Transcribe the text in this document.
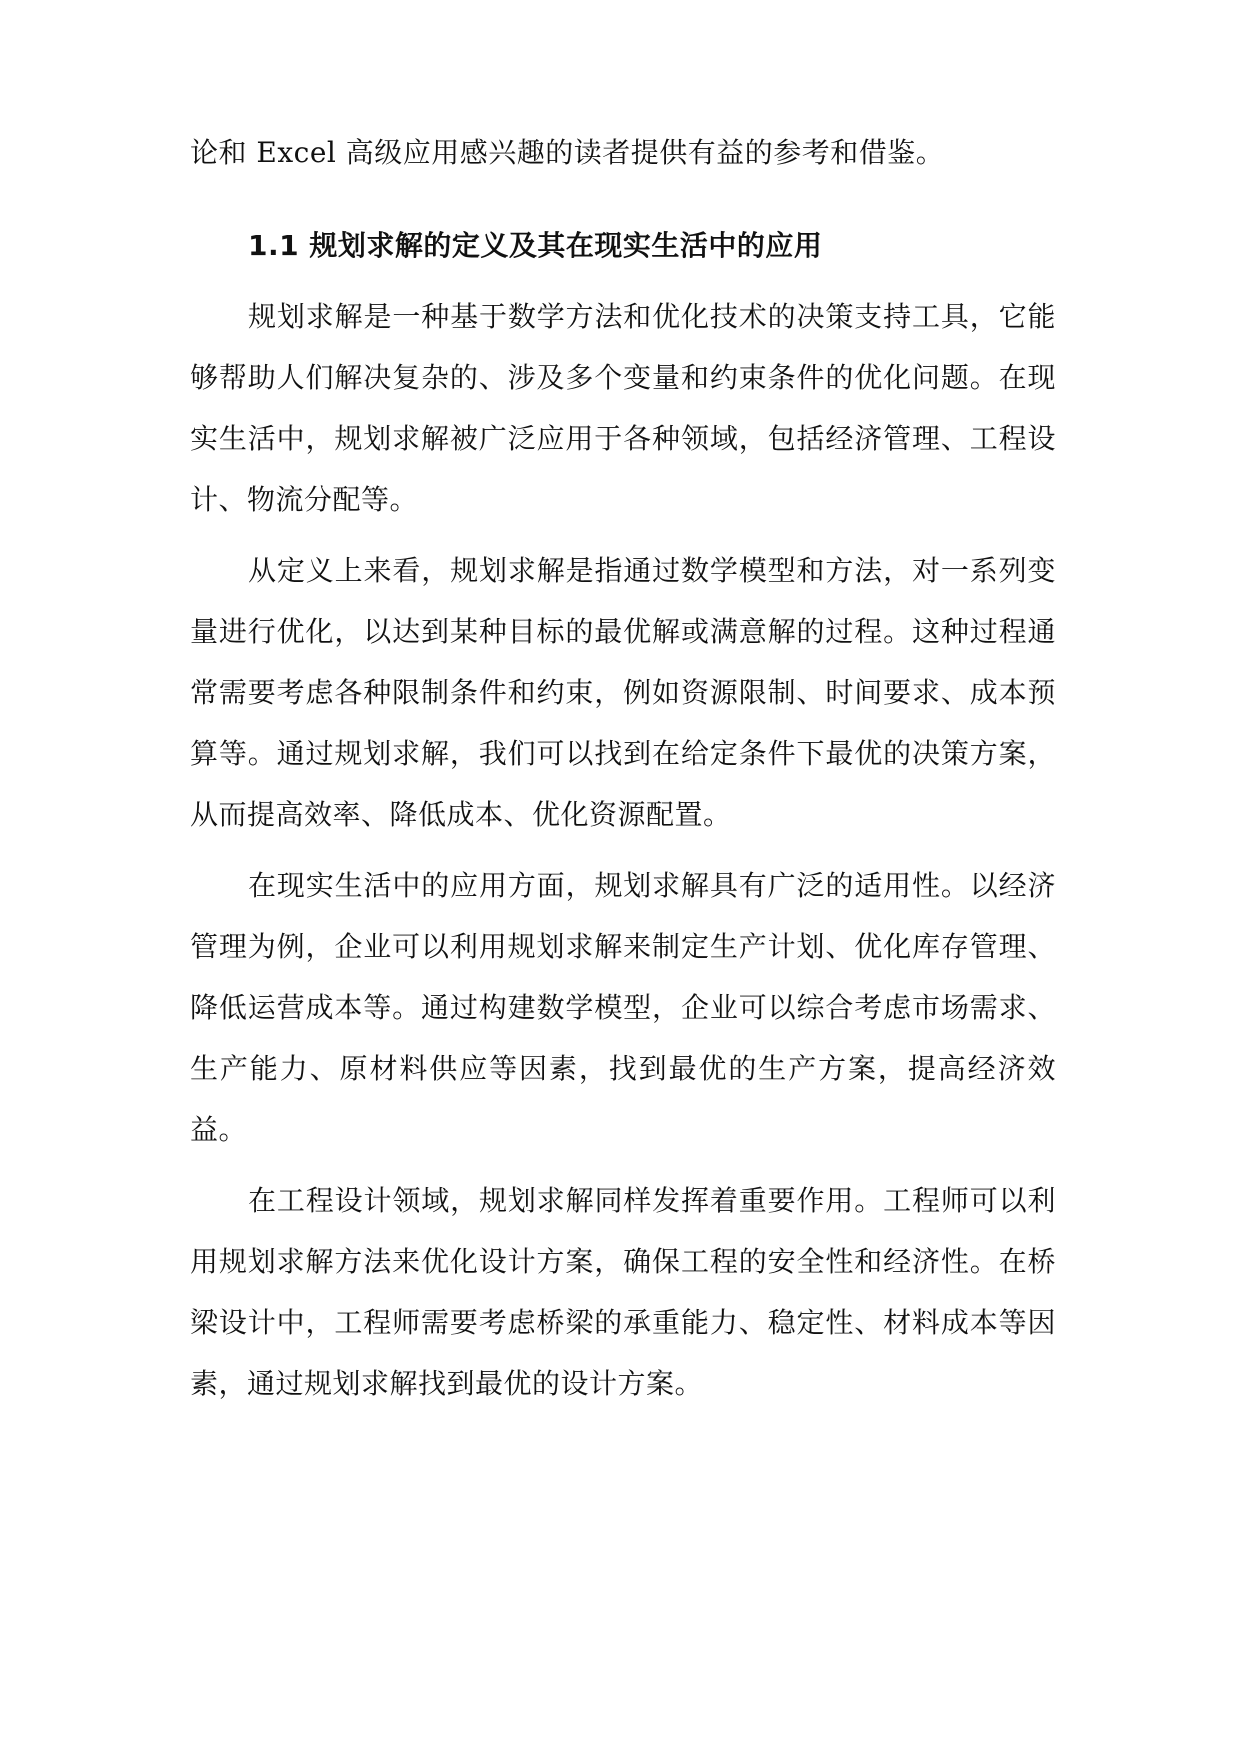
论和 Excel 高级应用感兴趣的读者提供有益的参考和借鉴。

1.1 规划求解的定义及其在现实生活中的应用

规划求解是一种基于数学方法和优化技术的决策支持工具，它能够帮助人们解决复杂的、涉及多个变量和约束条件的优化问题。在现实生活中，规划求解被广泛应用于各种领域，包括经济管理、工程设计、物流分配等。

从定义上来看，规划求解是指通过数学模型和方法，对一系列变量进行优化，以达到某种目标的最优解或满意解的过程。这种过程通常需要考虑各种限制条件和约束，例如资源限制、时间要求、成本预算等。通过规划求解，我们可以找到在给定条件下最优的决策方案，从而提高效率、降低成本、优化资源配置。

在现实生活中的应用方面，规划求解具有广泛的适用性。以经济管理为例，企业可以利用规划求解来制定生产计划、优化库存管理、降低运营成本等。通过构建数学模型，企业可以综合考虑市场需求、生产能力、原材料供应等因素，找到最优的生产方案，提高经济效益。

在工程设计领域，规划求解同样发挥着重要作用。工程师可以利用规划求解方法来优化设计方案，确保工程的安全性和经济性。在桥梁设计中，工程师需要考虑桥梁的承重能力、稳定性、材料成本等因素，通过规划求解找到最优的设计方案。
